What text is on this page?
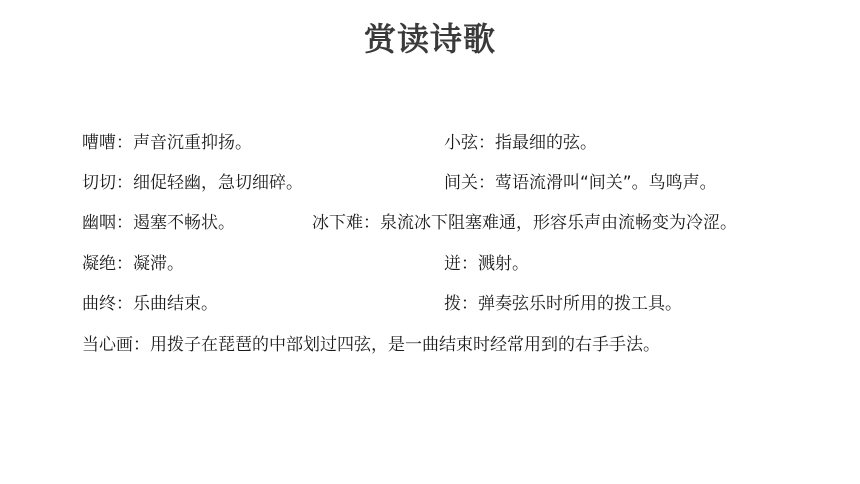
赏读诗歌
嘈嘈：声音沉重抑扬。	小弦：指最细的弦。
切切：细促轻幽，急切细碎。	间关：莺语流滑叫“间关”。鸟鸣声。
幽咽：遏塞不畅状。	冰下难：泉流冰下阻塞难通，形容乐声由流畅变为冷涩。
凝绝：凝滞。	迸：溅射。
曲终：乐曲结束。	拨：弹奏弦乐时所用的拨工具。
当心画：用拨子在琵琶的中部划过四弦，是一曲结束时经常用到的右手手法。
